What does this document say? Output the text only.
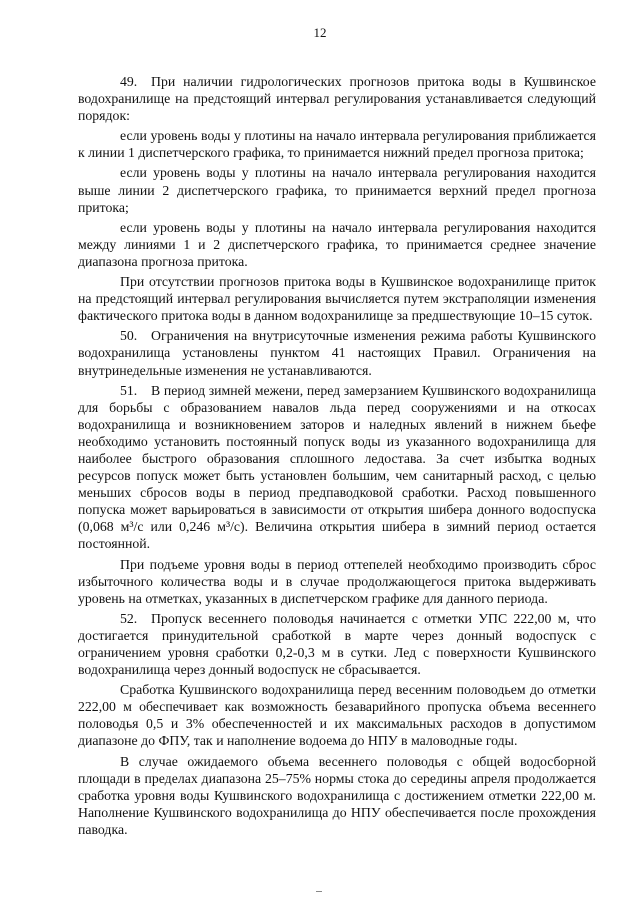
12

49. При наличии гидрологических прогнозов притока воды в Кушвинское водохранилище на предстоящий интервал регулирования устанавливается следующий порядок:

если уровень воды у плотины на начало интервала регулирования приближается к линии 1 диспетчерского графика, то принимается нижний предел прогноза притока;

если уровень воды у плотины на начало интервала регулирования находится выше линии 2 диспетчерского графика, то принимается верхний предел прогноза притока;

если уровень воды у плотины на начало интервала регулирования находится между линиями 1 и 2 диспетчерского графика, то принимается среднее значение диапазона прогноза притока.

При отсутствии прогнозов притока воды в Кушвинское водохранилище приток на предстоящий интервал регулирования вычисляется путем экстраполяции изменения фактического притока воды в данном водохранилище за предшествующие 10–15 суток.

50. Ограничения на внутрисуточные изменения режима работы Кушвинского водохранилища установлены пунктом 41 настоящих Правил. Ограничения на внутринедельные изменения не устанавливаются.

51. В период зимней межени, перед замерзанием Кушвинского водохранилища для борьбы с образованием навалов льда перед сооружениями и на откосах водохранилища и возникновением заторов и наледных явлений в нижнем бьефе необходимо установить постоянный попуск воды из указанного водохранилища для наиболее быстрого образования сплошного ледостава. За счет избытка водных ресурсов попуск может быть установлен большим, чем санитарный расход, с целью меньших сбросов воды в период предпаводковой сработки. Расход повышенного попуска может варьироваться в зависимости от открытия шибера донного водоспуска (0,068 м³/с или 0,246 м³/с). Величина открытия шибера в зимний период остается постоянной.

При подъеме уровня воды в период оттепелей необходимо производить сброс избыточного количества воды и в случае продолжающегося притока выдерживать уровень на отметках, указанных в диспетчерском графике для данного периода.

52. Пропуск весеннего половодья начинается с отметки УПС 222,00 м, что достигается принудительной сработкой в марте через донный водоспуск с ограничением уровня сработки 0,2-0,3 м в сутки. Лед с поверхности Кушвинского водохранилища через донный водоспуск не сбрасывается.

Сработка Кушвинского водохранилища перед весенним половодьем до отметки 222,00 м обеспечивает как возможность безаварийного пропуска объема весеннего половодья 0,5 и 3% обеспеченностей и их максимальных расходов в допустимом диапазоне до ФПУ, так и наполнение водоема до НПУ в маловодные годы.

В случае ожидаемого объема весеннего половодья с общей водосборной площади в пределах диапазона 25–75% нормы стока до середины апреля продолжается сработка уровня воды Кушвинского водохранилища с достижением отметки 222,00 м. Наполнение Кушвинского водохранилища до НПУ обеспечивается после прохождения паводка.
